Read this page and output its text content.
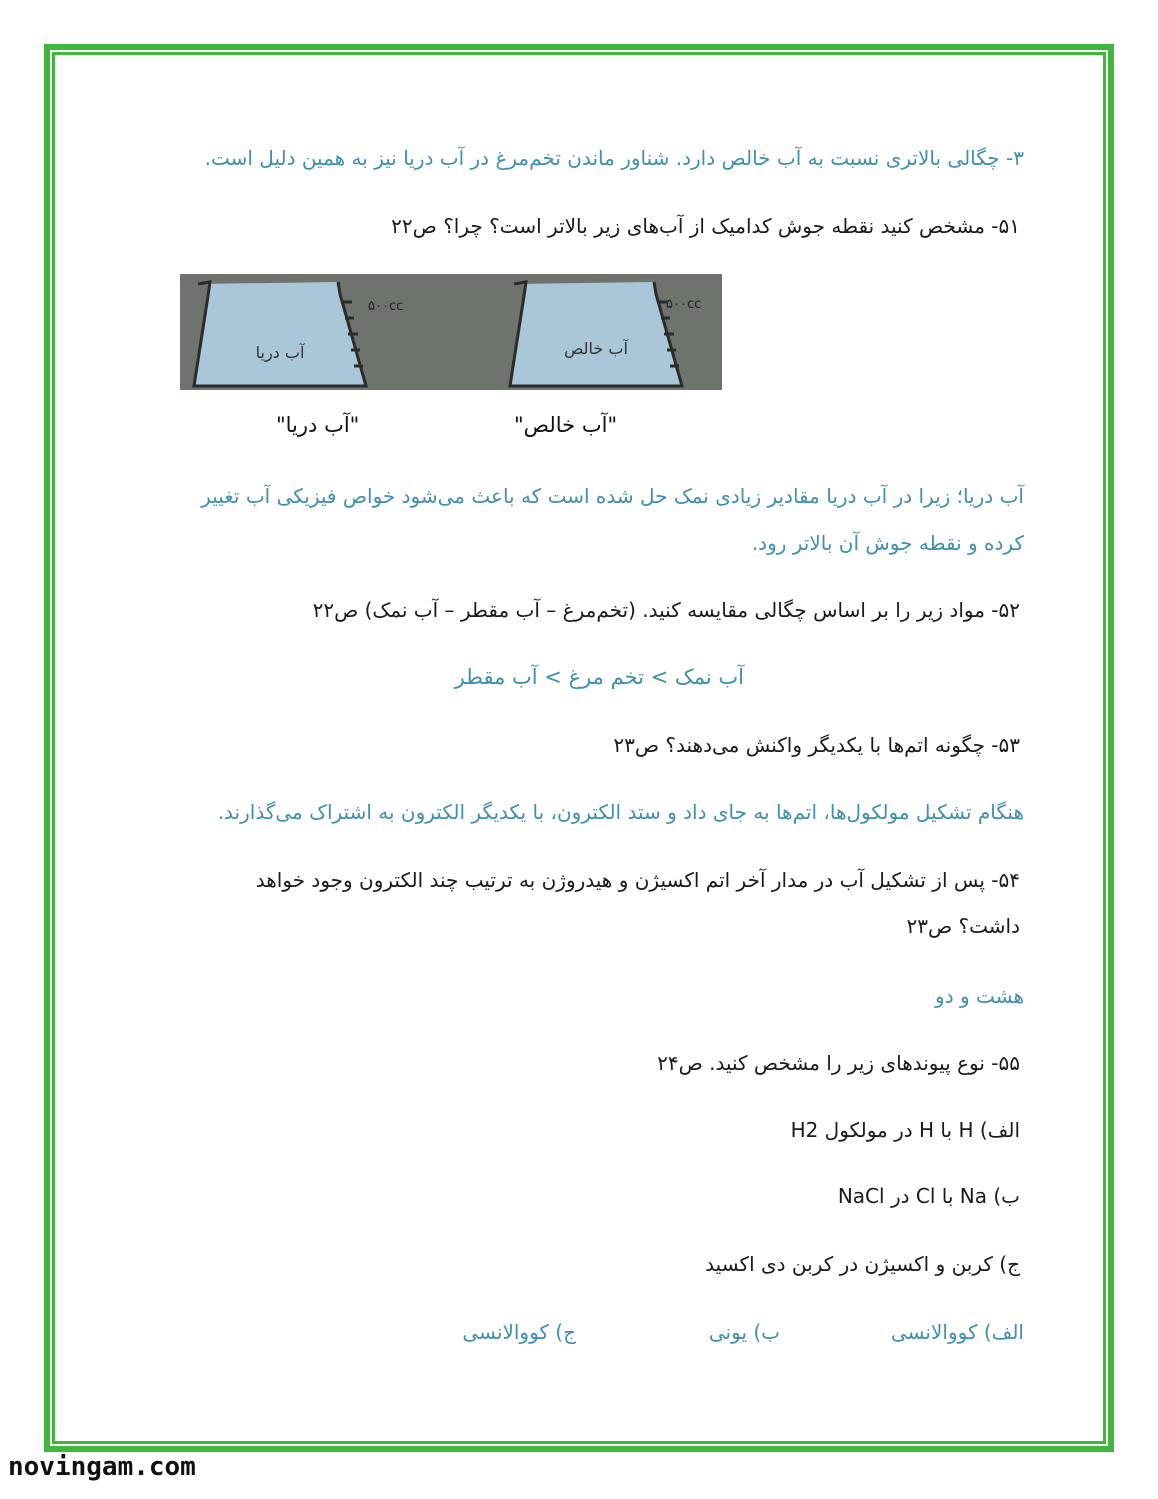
۳- چگالی بالاتری نسبت به آب خالص دارد. شناور ماندن تخم‌مرغ در آب دریا نیز به همین دلیل است.
۵۱- مشخص کنید نقطه جوش کدامیک از آب‌های زیر بالاتر است؟ چرا؟ ص۲۲
۵۰۰cc
آب دریا
۵۰۰cc
آب خالص
"آب دریا"	"آب خالص"
آب دریا؛ زیرا در آب دریا مقادیر زیادی نمک حل شده است که باعث می‌شود خواص فیزیکی آب تغییر
کرده و نقطه جوش آن بالاتر رود.
۵۲- مواد زیر را بر اساس چگالی مقایسه کنید. (تخم‌مرغ – آب مقطر – آب نمک) ص۲۲
آب نمک > تخم مرغ > آب مقطر
۵۳- چگونه اتم‌ها با یکدیگر واکنش می‌دهند؟ ص۲۳
هنگام تشکیل مولکول‌ها، اتم‌ها به جای داد و ستد الکترون، با یکدیگر الکترون به اشتراک می‌گذارند.
۵۴- پس از تشکیل آب در مدار آخر اتم اکسیژن و هیدروژن به ترتیب چند الکترون وجود خواهد
داشت؟ ص۲۳
هشت و دو
۵۵- نوع پیوندهای زیر را مشخص کنید. ص۲۴
الف) H با H در مولکول H2
ب) Na با Cl در NaCl
ج) کربن و اکسیژن در کربن دی اکسید
الف) کووالانسی
ب) یونی
ج) کووالانسی
novingam.com
